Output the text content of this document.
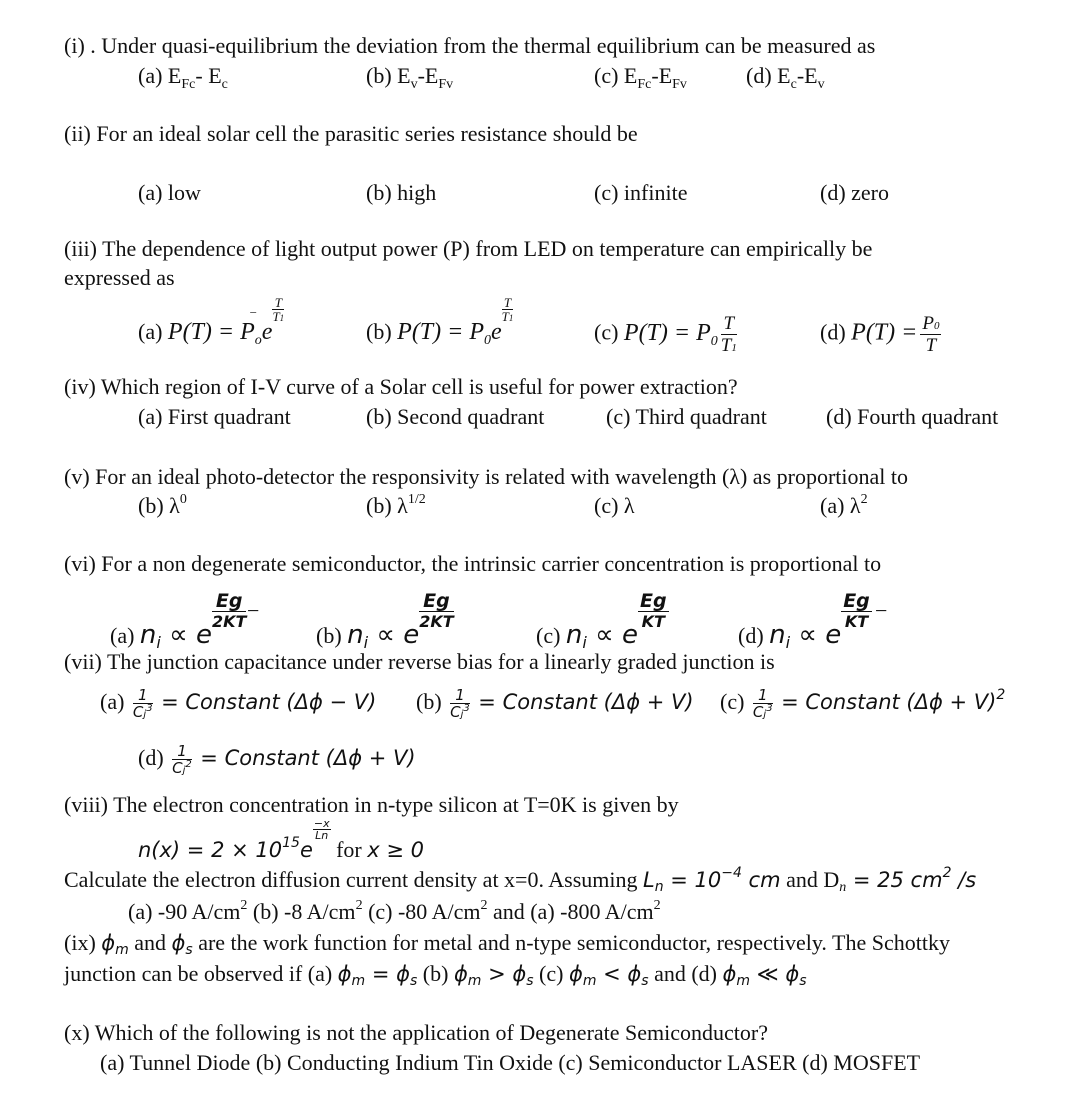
(i) . Under quasi-equilibrium the deviation from the thermal equilibrium can be measured as
(a) $E_{Fc}-$ $E_c$	(b) $E_v-E_{Fv}$	(c) $E_{Fc}-E_{Fv}$	(d) $E_c-E_v$
(ii) For an ideal solar cell the parasitic series resistance should be
(a) low	(b) high	(c) infinite	(d) zero
(iii) The dependence of light output power (P) from LED on temperature can empirically be
expressed as
(a) $P(T) = P_oe$
$\frac{T}{T1}$
−
(b) $P(T) = P_0e$
$\frac{T}{T1}$
(c) $P(T) = P_0 \frac{T}{T1}$	(d) $P(T) = \frac{P0}{T}$
(iv) Which region of I-V curve of a Solar cell is useful for power extraction?
(a) First quadrant	(b) Second quadrant	(c) Third quadrant	(d) Fourth quadrant
(v) For an ideal photo-detector the responsivity is related with wavelength (λ) as proportional to
(b) $\lambda^0$	(b) $\lambda^{1/2}$	(c) λ	(a) $\lambda^2$
(vi) For a non degenerate semiconductor, the intrinsic carrier concentration is proportional to
(a) ni ∝ e
$\frac{Eg}{2KT}$ −
(b) ni ∝ e
$\frac{Eg}{2KT}$
(c) ni ∝ e
$\frac{Eg}{KT}$
(d) ni ∝ e
$\frac{Eg}{KT}$ −
(vii) The junction capacitance under reverse bias for a linearly graded junction is
$(a) \frac{1}{Cj^3}$ = Constant (Δϕ − V) $(b) \frac{1}{Cj^3}$ = Constant (Δϕ + V) $(c) \frac{1}{Cj^3}$ = Constant $(\Delta\phi + V)^2$
$(d) \frac{1}{Cj^2}$ = Constant (Δϕ + V)
(viii) The electron concentration in n-type silicon at T=0K is given by
$n(x) = 2 \times 10^{15}e$
$\frac{-x}{Ln}$
for x ≥ 0
Calculate the electron diffusion current density at x=0. Assuming $Ln = 10^{-4}$ cm and Dn = 25 $cm^2$ /s
(a) -90 $A/cm^2$ (b) -8 $A/cm^2$ (c) -80 $A/cm^2$ and (a) -800 $A/cm^2$
(ix) ϕm and ϕs are the work function for metal and n-type semiconductor, respectively. The Schottky
junction can be observed if (a) ϕm = ϕs (b) ϕm > ϕs (c) ϕm < ϕs and (d) ϕm ≪ ϕs
(x) Which of the following is not the application of Degenerate Semiconductor?
(a) Tunnel Diode (b) Conducting Indium Tin Oxide (c) Semiconductor LASER (d) MOSFET
